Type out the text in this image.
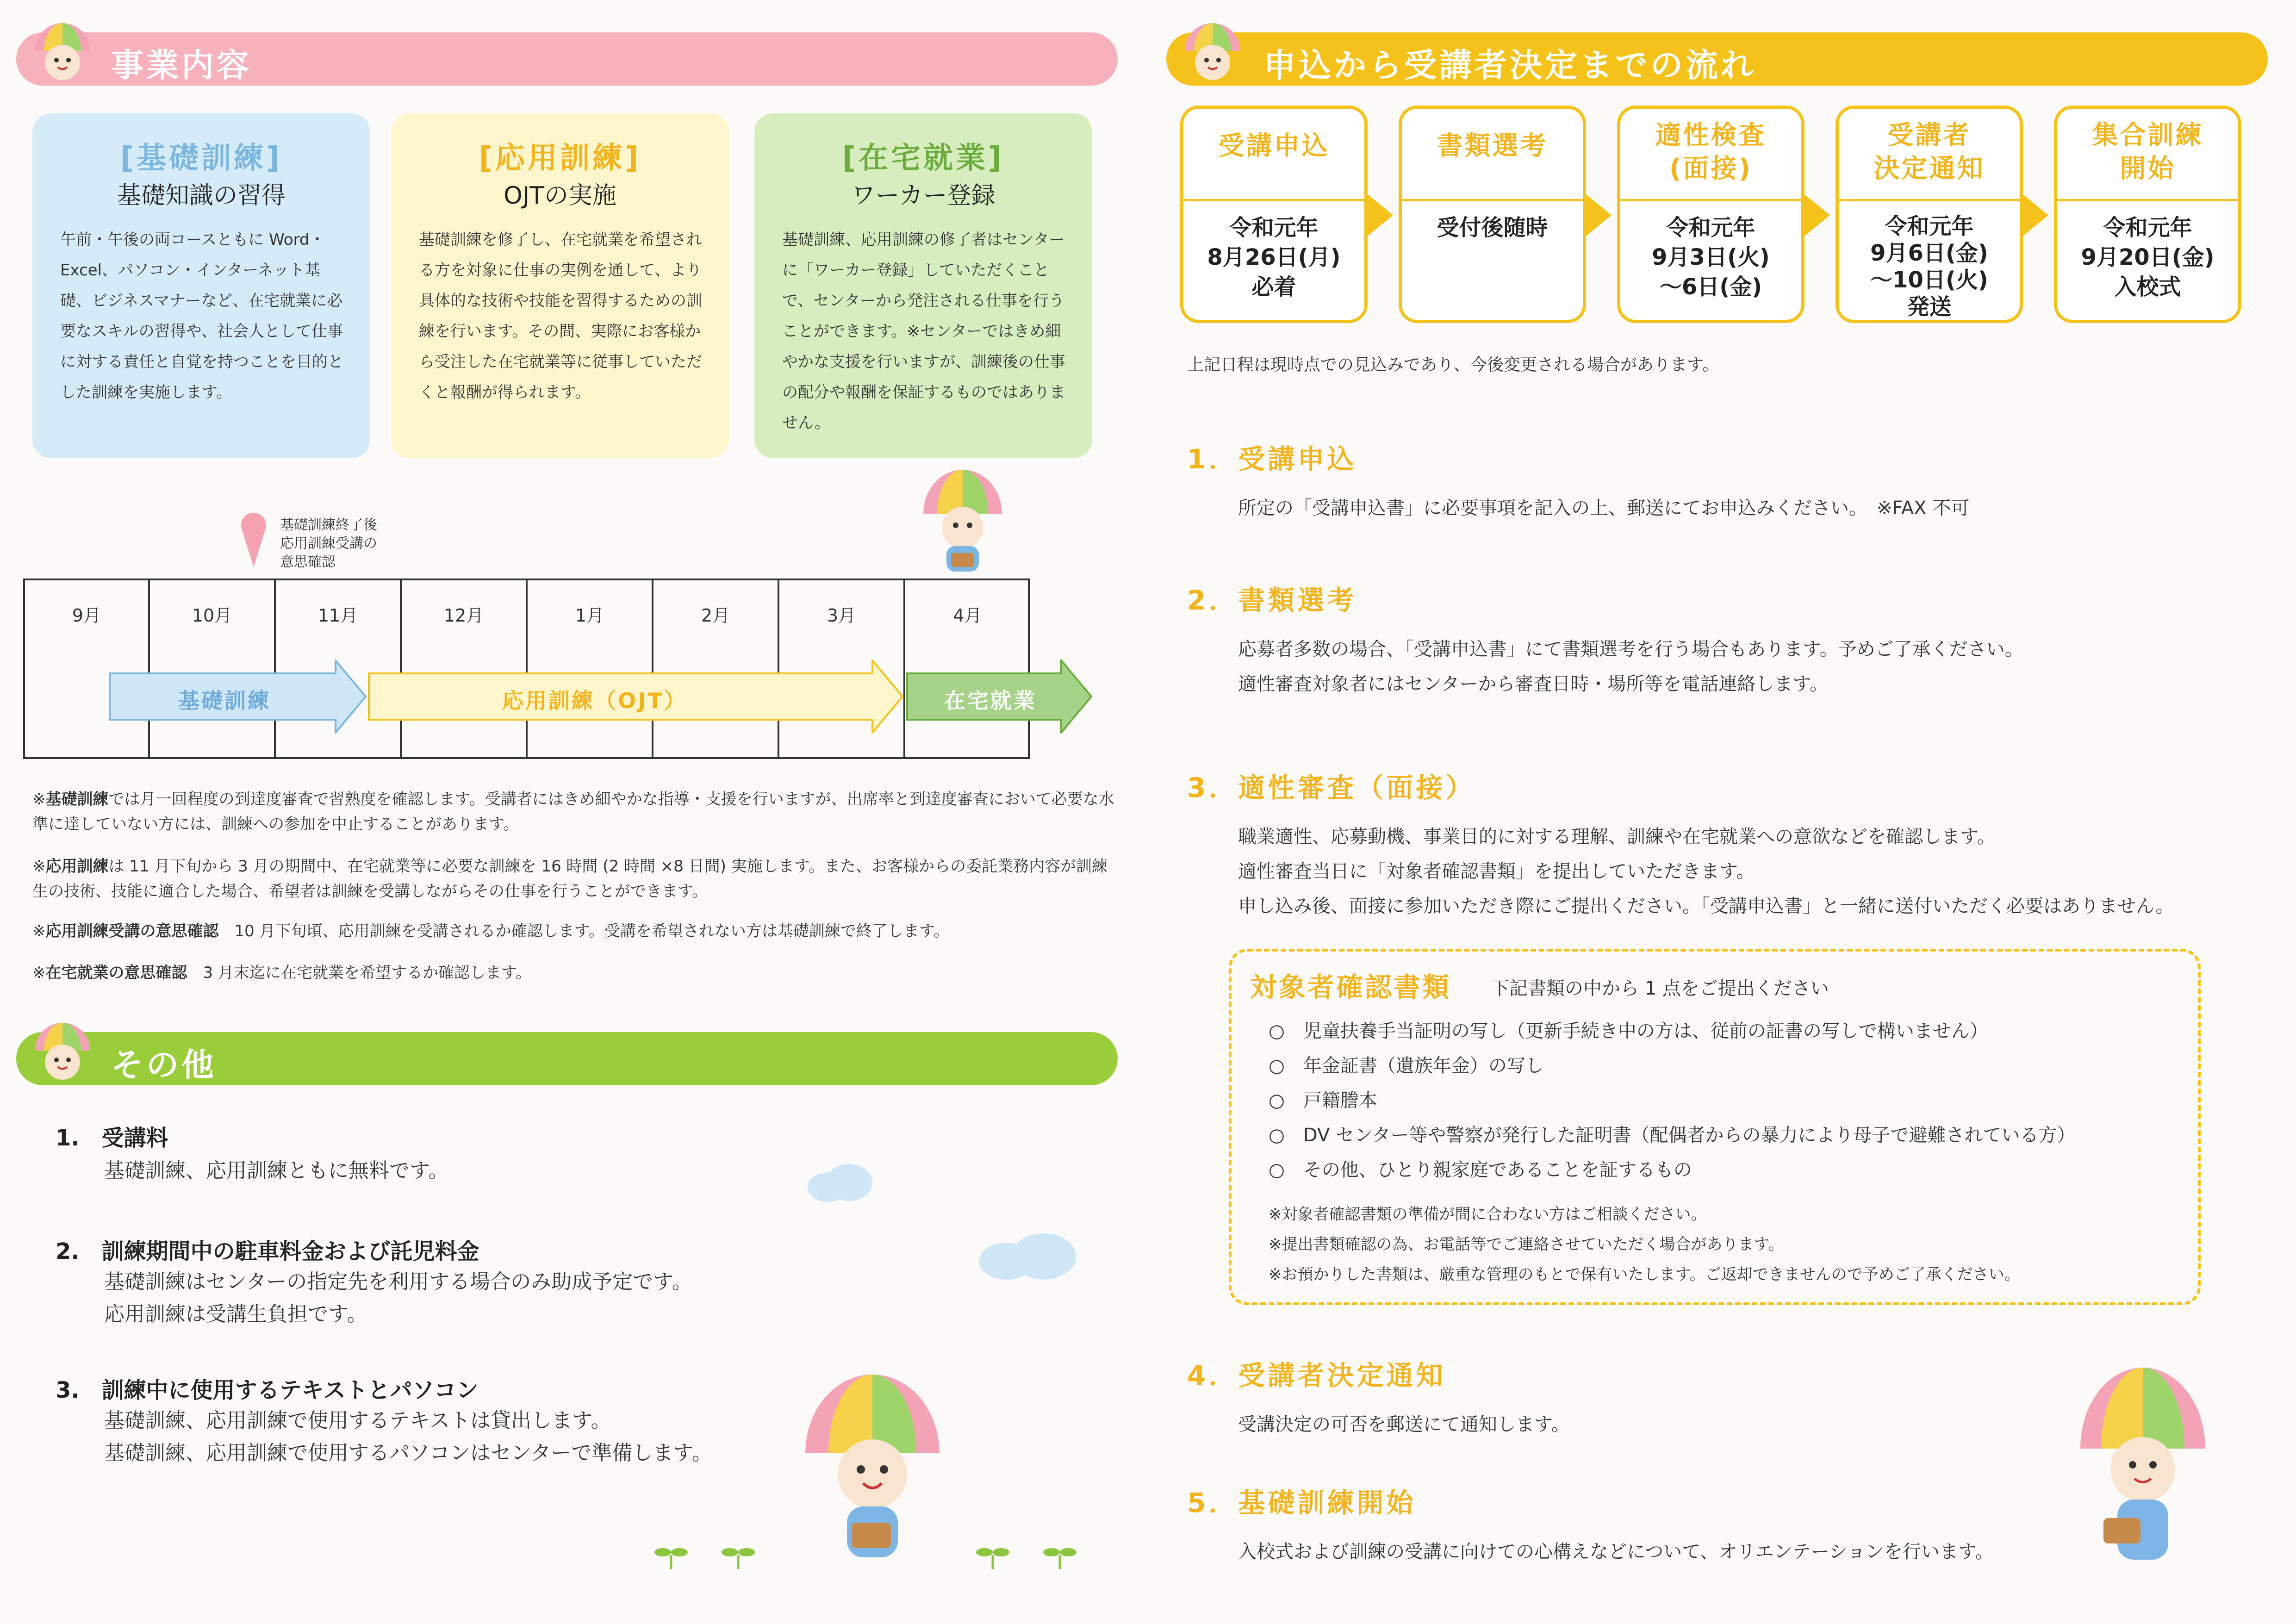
事業内容
[基礎訓練]
基礎知識の習得
午前・午後の両コースともに Word・Excel、パソコン・インターネット基礎、ビジネスマナーなど、在宅就業に必要なスキルの習得や、社会人として仕事に対する責任と自覚を持つことを目的とした訓練を実施します。
[応用訓練]
OJTの実施
基礎訓練を修了し、在宅就業を希望される方を対象に仕事の実例を通して、より具体的な技術や技能を習得するための訓練を行います。その間、実際にお客様から受注した在宅就業等に従事していただくと報酬が得られます。
[在宅就業]
ワーカー登録
基礎訓練、応用訓練の修了者はセンターに「ワーカー登録」していただくことで、センターから発注される仕事を行うことができます。※センターではきめ細やかな支援を行いますが、訓練後の仕事の配分や報酬を保証するものではありません。
基礎訓練終了後
応用訓練受講の
意思確認
9月	10月	11月	12月	1月	2月	3月	4月
基礎訓練	応用訓練（OJT）	在宅就業
※基礎訓練では月一回程度の到達度審査で習熟度を確認します。受講者にはきめ細やかな指導・支援を行いますが、出席率と到達度審査において必要な水準に達していない方には、訓練への参加を中止することがあります。
※応用訓練は 11 月下旬から 3 月の期間中、在宅就業等に必要な訓練を 16 時間 (2 時間 ×8 日間) 実施します。また、お客様からの委託業務内容が訓練生の技術、技能に適合した場合、希望者は訓練を受講しながらその仕事を行うことができます。
※応用訓練受講の意思確認　 10 月下旬頃、応用訓練を受講されるか確認します。受講を希望されない方は基礎訓練で終了します。
※在宅就業の意思確認　 3 月末迄に在宅就業を希望するか確認します。
その他
1.　 受講料
基礎訓練、応用訓練ともに無料です。
2.　 訓練期間中の駐車料金および託児料金
基礎訓練はセンターの指定先を利用する場合のみ助成予定です。
応用訓練は受講生負担です。
3.　 訓練中に使用するテキストとパソコン
基礎訓練、応用訓練で使用するテキストは貸出します。
基礎訓練、応用訓練で使用するパソコンはセンターで準備します。
申込から受講者決定までの流れ
受講申込
令和元年
8月26日(月)
必着
書類選考
受付後随時
適性検査
(面接)
令和元年
9月3日(火)
～6日(金)
受講者
決定通知
令和元年
9月6日(金)
～10日(火)
発送
集合訓練
開始
令和元年
9月20日(金)
入校式
上記日程は現時点での見込みであり、今後変更される場合があります。
1．受講申込
所定の「受講申込書」に必要事項を記入の上、郵送にてお申込みください。　※FAX 不可
2．書類選考
応募者多数の場合、「受講申込書」にて書類選考を行う場合もあります。予めご了承ください。
適性審査対象者にはセンターから審査日時・場所等を電話連絡します。
3．適性審査（面接）
職業適性、応募動機、事業目的に対する理解、訓練や在宅就業への意欲などを確認します。
適性審査当日に「対象者確認書類」を提出していただきます。
申し込み後、面接に参加いただき際にご提出ください。「受講申込書」と一緒に送付いただく必要はありません。
対象者確認書類 下記書類の中から 1 点をご提出ください
○　児童扶養手当証明の写し（更新手続き中の方は、従前の証書の写しで構いません）
○　年金証書（遺族年金）の写し
○　戸籍謄本
○　DV センター等や警察が発行した証明書（配偶者からの暴力により母子で避難されている方）
○　その他、ひとり親家庭であることを証するもの
※対象者確認書類の準備が間に合わない方はご相談ください。
※提出書類確認の為、お電話等でご連絡させていただく場合があります。
※お預かりした書類は、厳重な管理のもとで保有いたします。ご返却できませんので予めご了承ください。
4．受講者決定通知
受講決定の可否を郵送にて通知します。
5．基礎訓練開始
入校式および訓練の受講に向けての心構えなどについて、オリエンテーションを行います。
